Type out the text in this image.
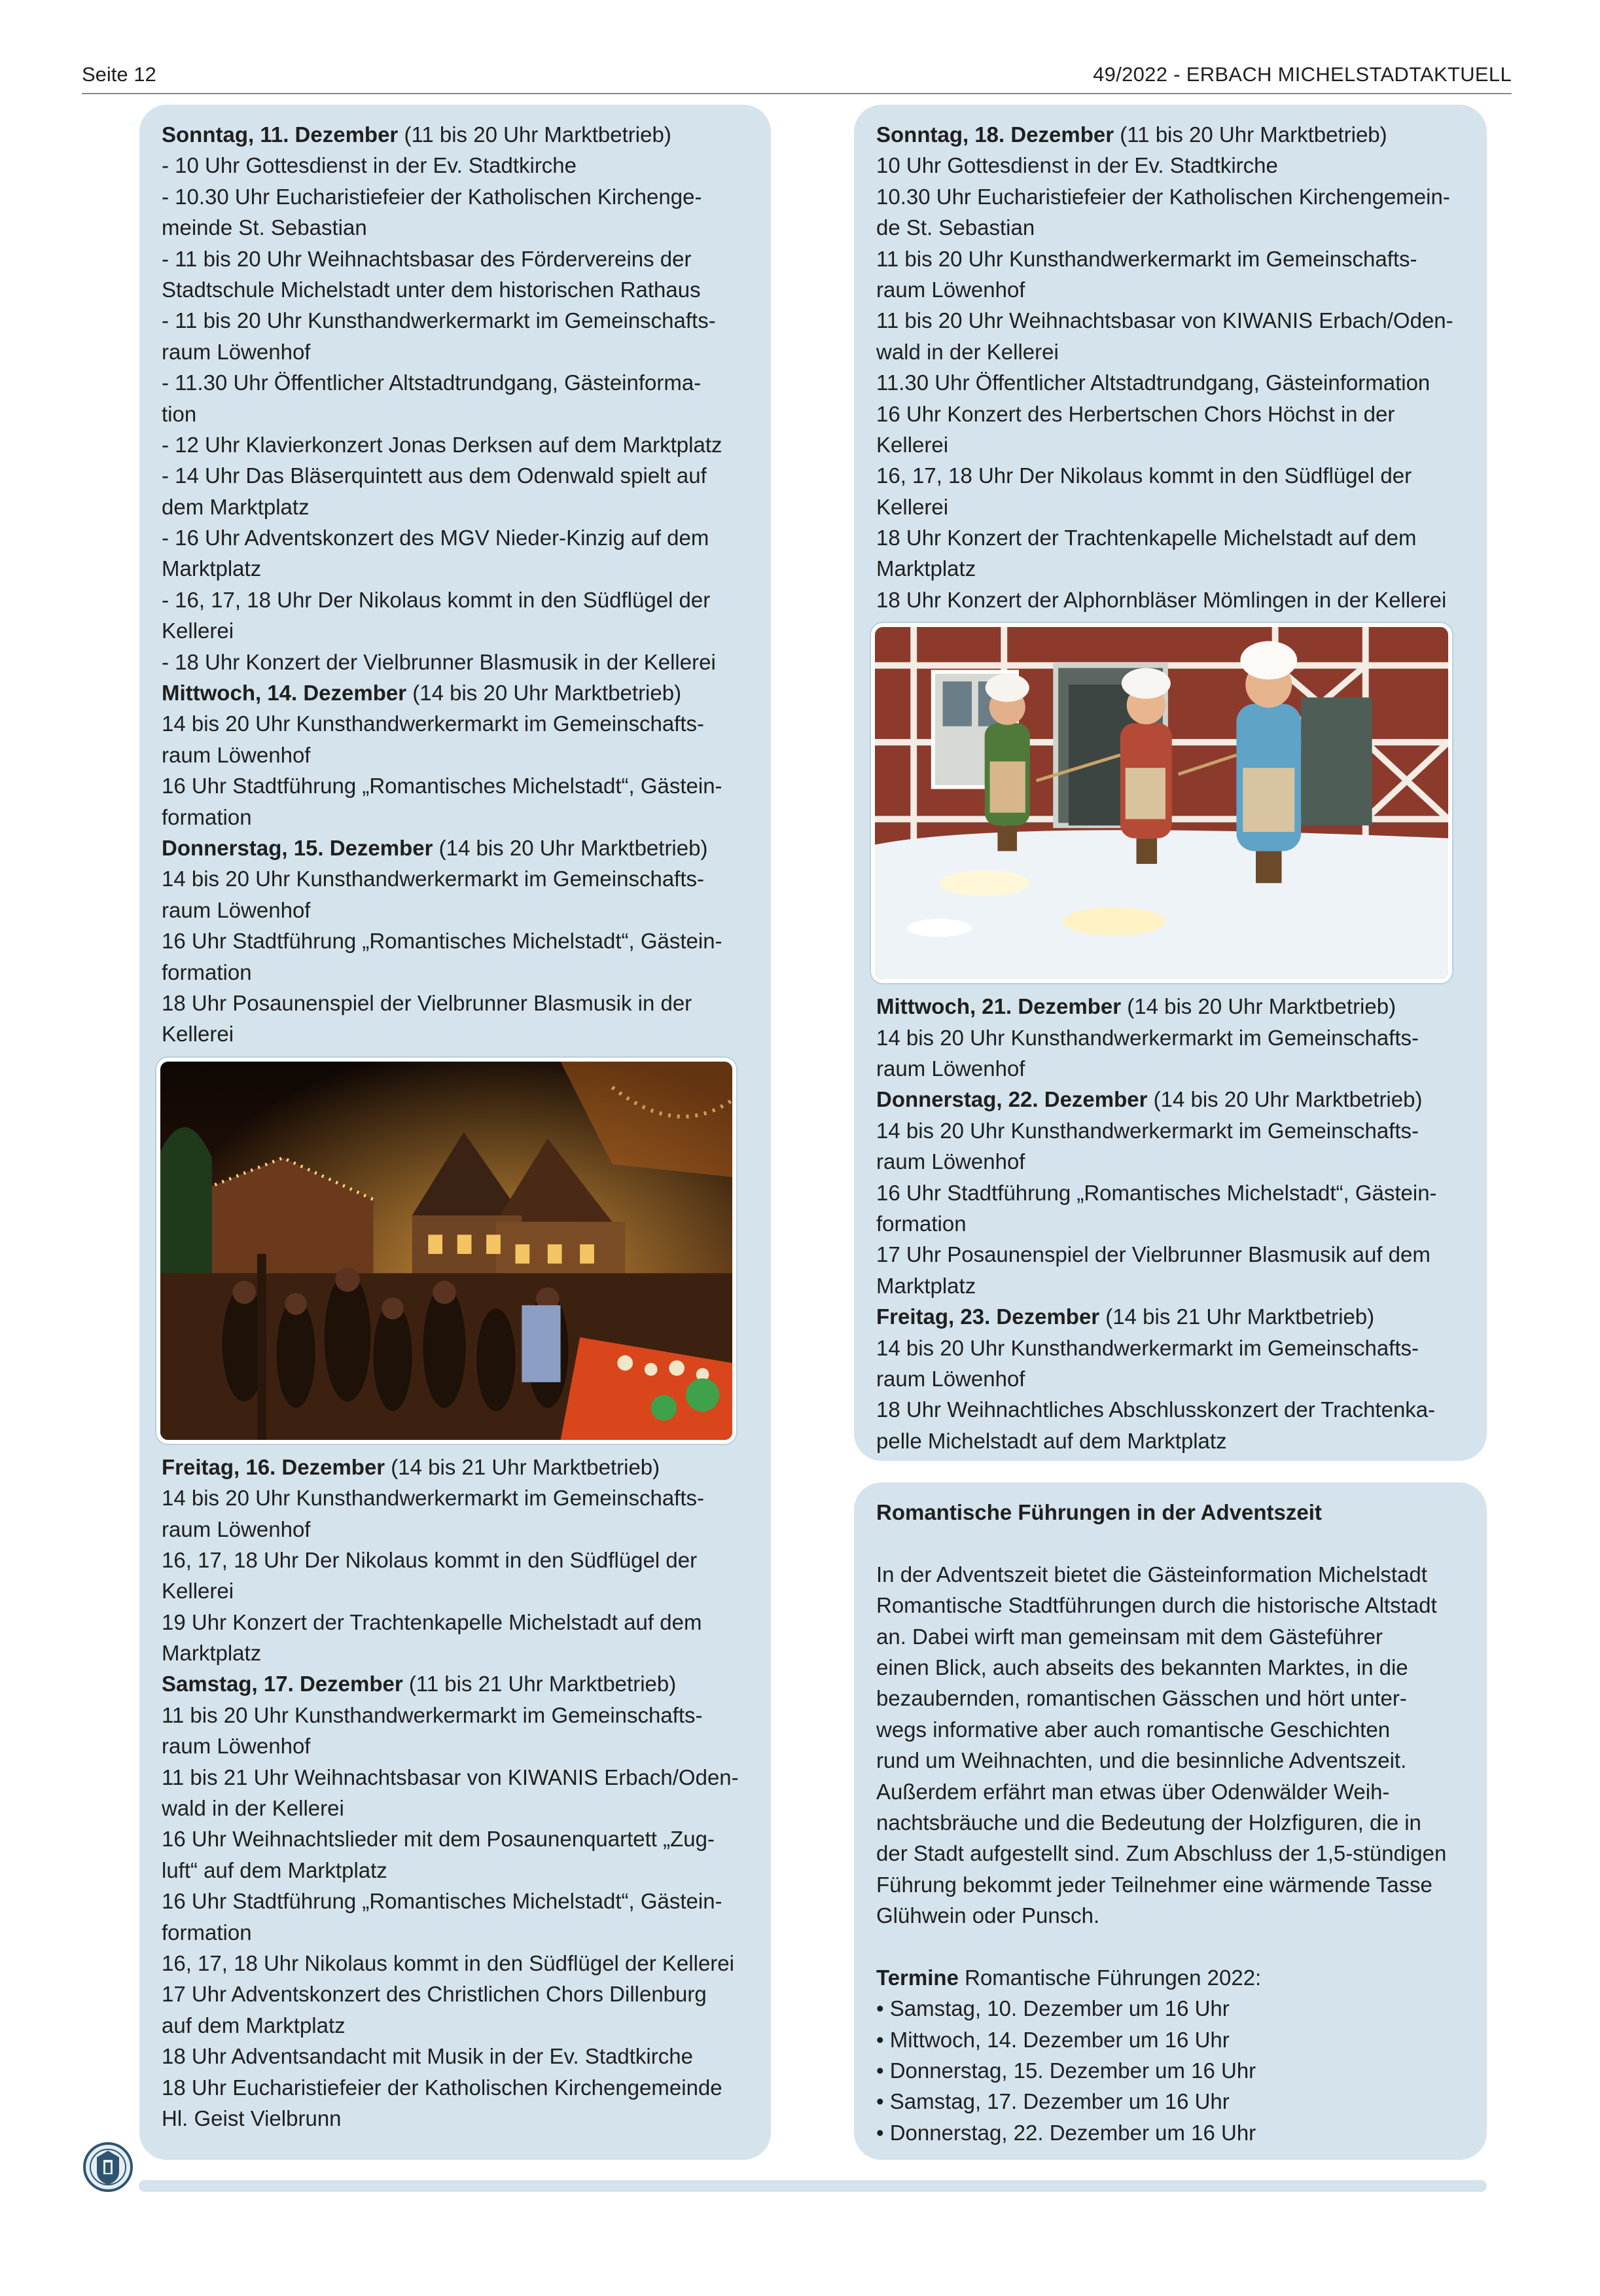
Seite 12	49/2022 - ERBACH MICHELSTADTAKTUELL
Sonntag, 11. Dezember (11 bis 20 Uhr Marktbetrieb)
- 10 Uhr Gottesdienst in der Ev. Stadtkirche
- 10.30 Uhr Eucharistiefeier der Katholischen Kirchenge-
meinde St. Sebastian
- 11 bis 20 Uhr Weihnachtsbasar des Fördervereins der
Stadtschule Michelstadt unter dem historischen Rathaus
- 11 bis 20 Uhr Kunsthandwerkermarkt im Gemeinschafts-
raum Löwenhof
- 11.30 Uhr Öffentlicher Altstadtrundgang, Gästeinforma-
tion
- 12 Uhr Klavierkonzert Jonas Derksen auf dem Marktplatz
- 14 Uhr Das Bläserquintett aus dem Odenwald spielt auf
dem Marktplatz
- 16 Uhr Adventskonzert des MGV Nieder-Kinzig auf dem
Marktplatz
- 16, 17, 18 Uhr Der Nikolaus kommt in den Südflügel der
Kellerei
- 18 Uhr Konzert der Vielbrunner Blasmusik in der Kellerei
Mittwoch, 14. Dezember (14 bis 20 Uhr Marktbetrieb)
14 bis 20 Uhr Kunsthandwerkermarkt im Gemeinschafts-
raum Löwenhof
16 Uhr Stadtführung „Romantisches Michelstadt“, Gästein-
formation
Donnerstag, 15. Dezember (14 bis 20 Uhr Marktbetrieb)
14 bis 20 Uhr Kunsthandwerkermarkt im Gemeinschafts-
raum Löwenhof
16 Uhr Stadtführung „Romantisches Michelstadt“, Gästein-
formation
18 Uhr Posaunenspiel der Vielbrunner Blasmusik in der
Kellerei
Freitag, 16. Dezember (14 bis 21 Uhr Marktbetrieb)
14 bis 20 Uhr Kunsthandwerkermarkt im Gemeinschafts-
raum Löwenhof
16, 17, 18 Uhr Der Nikolaus kommt in den Südflügel der
Kellerei
19 Uhr Konzert der Trachtenkapelle Michelstadt auf dem
Marktplatz
Samstag, 17. Dezember (11 bis 21 Uhr Marktbetrieb)
11 bis 20 Uhr Kunsthandwerkermarkt im Gemeinschafts-
raum Löwenhof
11 bis 21 Uhr Weihnachtsbasar von KIWANIS Erbach/Oden-
wald in der Kellerei
16 Uhr Weihnachtslieder mit dem Posaunenquartett „Zug-
luft“ auf dem Marktplatz
16 Uhr Stadtführung „Romantisches Michelstadt“, Gästein-
formation
16, 17, 18 Uhr Nikolaus kommt in den Südflügel der Kellerei
17 Uhr Adventskonzert des Christlichen Chors Dillenburg
auf dem Marktplatz
18 Uhr Adventsandacht mit Musik in der Ev. Stadtkirche
18 Uhr Eucharistiefeier der Katholischen Kirchengemeinde
Hl. Geist Vielbrunn
Sonntag, 18. Dezember (11 bis 20 Uhr Marktbetrieb)
10 Uhr Gottesdienst in der Ev. Stadtkirche
10.30 Uhr Eucharistiefeier der Katholischen Kirchengemein-
de St. Sebastian
11 bis 20 Uhr Kunsthandwerkermarkt im Gemeinschafts-
raum Löwenhof
11 bis 20 Uhr Weihnachtsbasar von KIWANIS Erbach/Oden-
wald in der Kellerei
11.30 Uhr Öffentlicher Altstadtrundgang, Gästeinformation
16 Uhr Konzert des Herbertschen Chors Höchst in der
Kellerei
16, 17, 18 Uhr Der Nikolaus kommt in den Südflügel der
Kellerei
18 Uhr Konzert der Trachtenkapelle Michelstadt auf dem
Marktplatz
18 Uhr Konzert der Alphornbläser Mömlingen in der Kellerei
Mittwoch, 21. Dezember (14 bis 20 Uhr Marktbetrieb)
14 bis 20 Uhr Kunsthandwerkermarkt im Gemeinschafts-
raum Löwenhof
Donnerstag, 22. Dezember (14 bis 20 Uhr Marktbetrieb)
14 bis 20 Uhr Kunsthandwerkermarkt im Gemeinschafts-
raum Löwenhof
16 Uhr Stadtführung „Romantisches Michelstadt“, Gästein-
formation
17 Uhr Posaunenspiel der Vielbrunner Blasmusik auf dem
Marktplatz
Freitag, 23. Dezember (14 bis 21 Uhr Marktbetrieb)
14 bis 20 Uhr Kunsthandwerkermarkt im Gemeinschafts-
raum Löwenhof
18 Uhr Weihnachtliches Abschlusskonzert der Trachtenka-
pelle Michelstadt auf dem Marktplatz
Romantische Führungen in der Adventszeit
In der Adventszeit bietet die Gästeinformation Michelstadt
Romantische Stadtführungen durch die historische Altstadt
an. Dabei wirft man gemeinsam mit dem Gästeführer
einen Blick, auch abseits des bekannten Marktes, in die
bezaubernden, romantischen Gässchen und hört unter-
wegs informative aber auch romantische Geschichten
rund um Weihnachten, und die besinnliche Adventszeit.
Außerdem erfährt man etwas über Odenwälder Weih-
nachtsbräuche und die Bedeutung der Holzfiguren, die in
der Stadt aufgestellt sind. Zum Abschluss der 1,5-stündigen
Führung bekommt jeder Teilnehmer eine wärmende Tasse
Glühwein oder Punsch.
Termine Romantische Führungen 2022:
• Samstag, 10. Dezember um 16 Uhr
• Mittwoch, 14. Dezember um 16 Uhr
• Donnerstag, 15. Dezember um 16 Uhr
• Samstag, 17. Dezember um 16 Uhr
• Donnerstag, 22. Dezember um 16 Uhr
